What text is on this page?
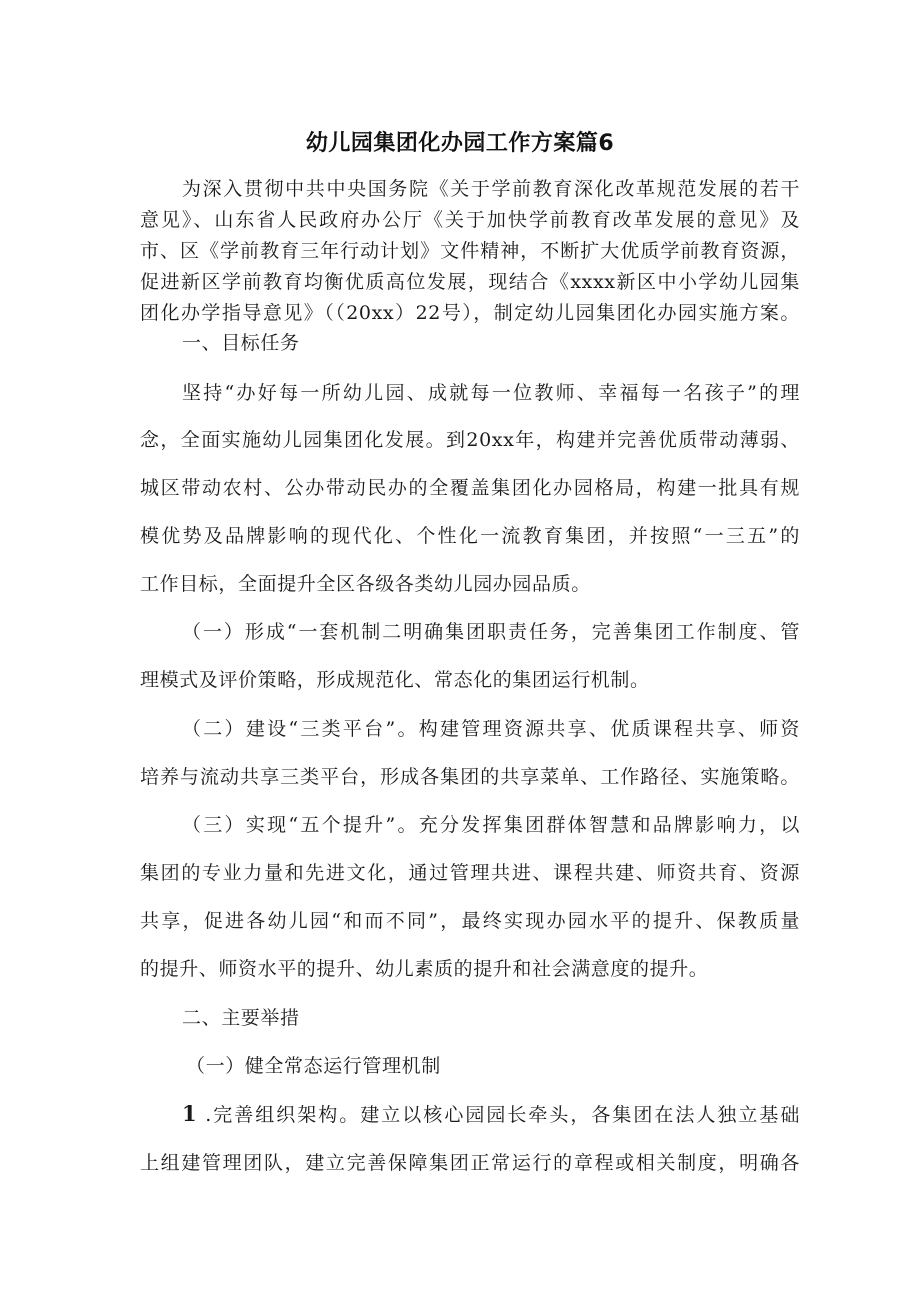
幼儿园集团化办园工作方案篇6
为深入贯彻中共中央国务院《关于学前教育深化改革规范发展的若干
意见》、山东省人民政府办公厅《关于加快学前教育改革发展的意见》及
市、区《学前教育三年行动计划》文件精神，不断扩大优质学前教育资源，
促进新区学前教育均衡优质高位发展，现结合《xxxx新区中小学幼儿园集
团化办学指导意见》（（20xx）22号），制定幼儿园集团化办园实施方案。
一、目标任务
坚持“办好每一所幼儿园、成就每一位教师、幸福每一名孩子”的理
念，全面实施幼儿园集团化发展。到20xx年，构建并完善优质带动薄弱、
城区带动农村、公办带动民办的全覆盖集团化办园格局，构建一批具有规
模优势及品牌影响的现代化、个性化一流教育集团，并按照“一三五”的
工作目标，全面提升全区各级各类幼儿园办园品质。
（一）形成“一套机制二明确集团职责任务，完善集团工作制度、管
理模式及评价策略，形成规范化、常态化的集团运行机制。
（二）建设“三类平台”。构建管理资源共享、优质课程共享、师资
培养与流动共享三类平台，形成各集团的共享菜单、工作路径、实施策略。
（三）实现“五个提升”。充分发挥集团群体智慧和品牌影响力，以
集团的专业力量和先进文化，通过管理共进、课程共建、师资共育、资源
共享，促进各幼儿园“和而不同”，最终实现办园水平的提升、保教质量
的提升、师资水平的提升、幼儿素质的提升和社会满意度的提升。
二、主要举措
（一）健全常态运行管理机制
1 .完善组织架构。建立以核心园园长牵头，各集团在法人独立基础
上组建管理团队，建立完善保障集团正常运行的章程或相关制度，明确各
